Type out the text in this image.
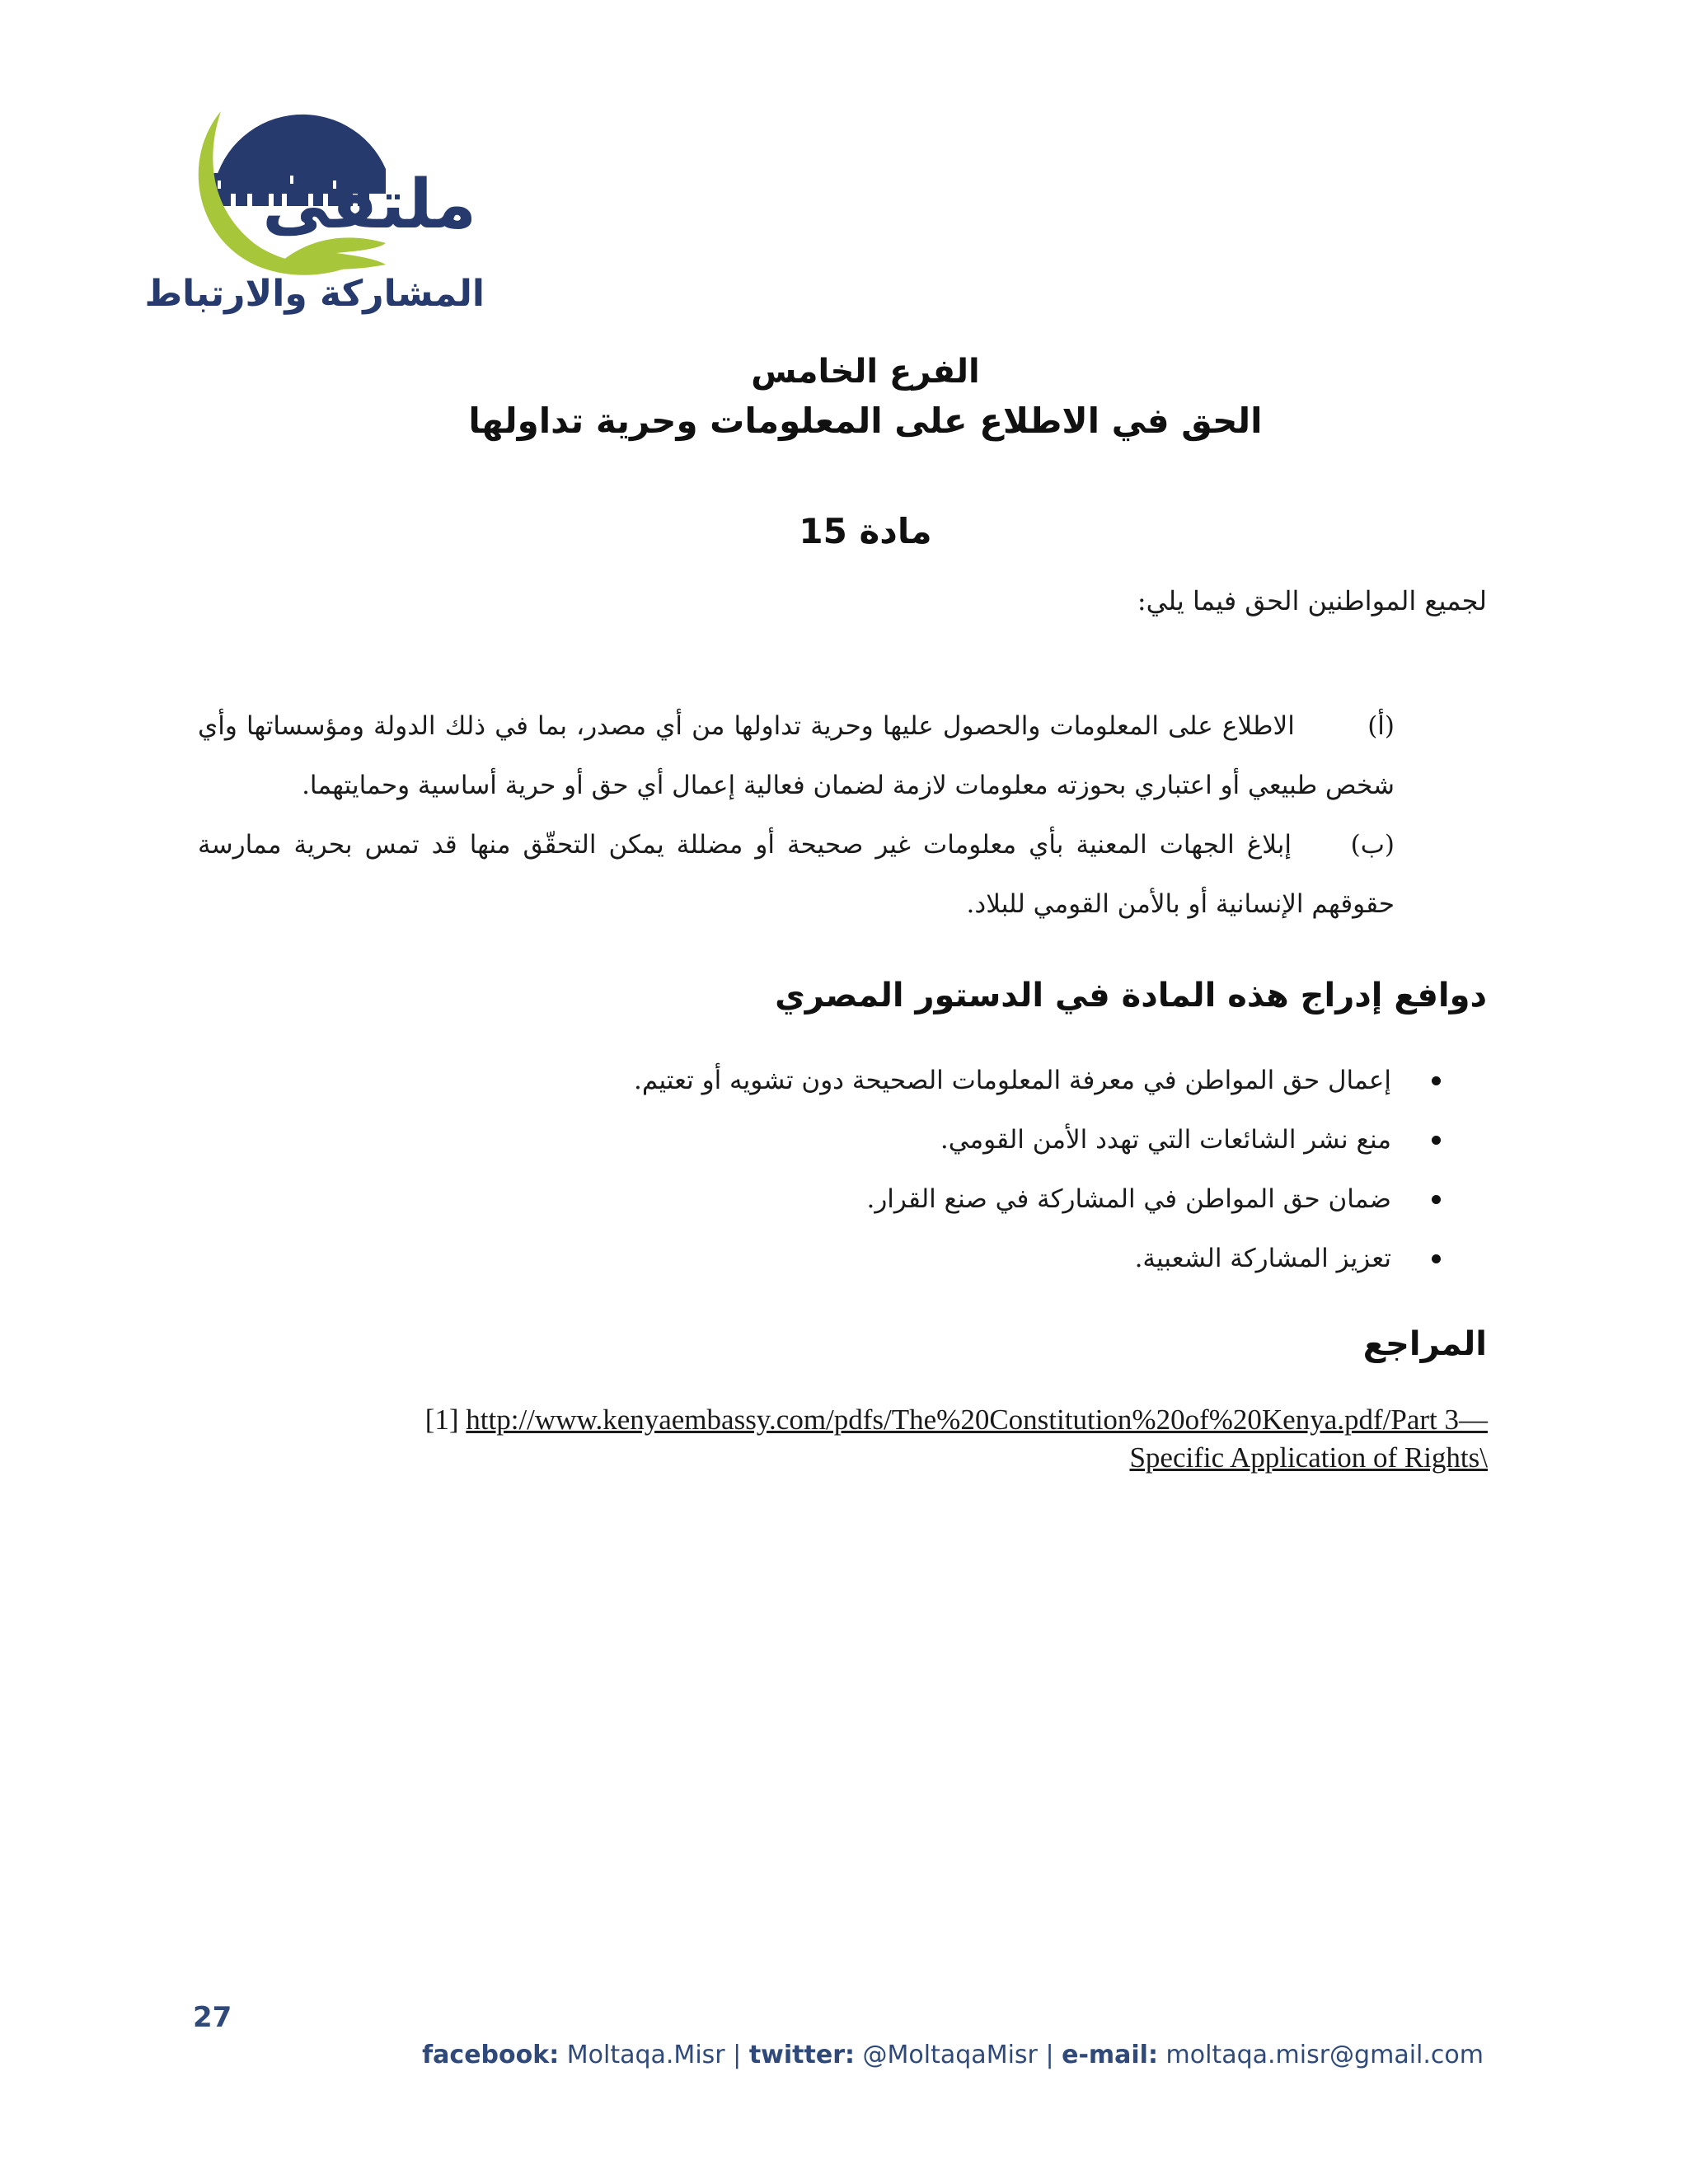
ملتقى
المشاركة والارتباط
الفرع الخامس
الحق في الاطلاع على المعلومات وحرية تداولها
مادة 15
لجميع المواطنين الحق فيما يلي:
(أ) الاطلاع على المعلومات والحصول عليها وحرية تداولها من أي مصدر، بما في ذلك الدولة ومؤسساتها وأي شخص طبيعي أو اعتباري بحوزته معلومات لازمة لضمان فعالية إعمال أي حق أو حرية أساسية وحمايتهما.
(ب) إبلاغ الجهات المعنية بأي معلومات غير صحيحة أو مضللة يمكن التحقّق منها قد تمس بحرية ممارسة حقوقهم الإنسانية أو بالأمن القومي للبلاد.
دوافع إدراج هذه المادة في الدستور المصري
إعمال حق المواطن في معرفة المعلومات الصحيحة دون تشويه أو تعتيم.
منع نشر الشائعات التي تهدد الأمن القومي.
ضمان حق المواطن في المشاركة في صنع القرار.
تعزيز المشاركة الشعبية.
المراجع
[1] http://www.kenyaembassy.com/pdfs/The%20Constitution%20of%20Kenya.pdf/Part 3—
Specific Application of Rights\
27
facebook: Moltaqa.Misr | twitter: @MoltaqaMisr | e-mail: moltaqa.misr@gmail.com
